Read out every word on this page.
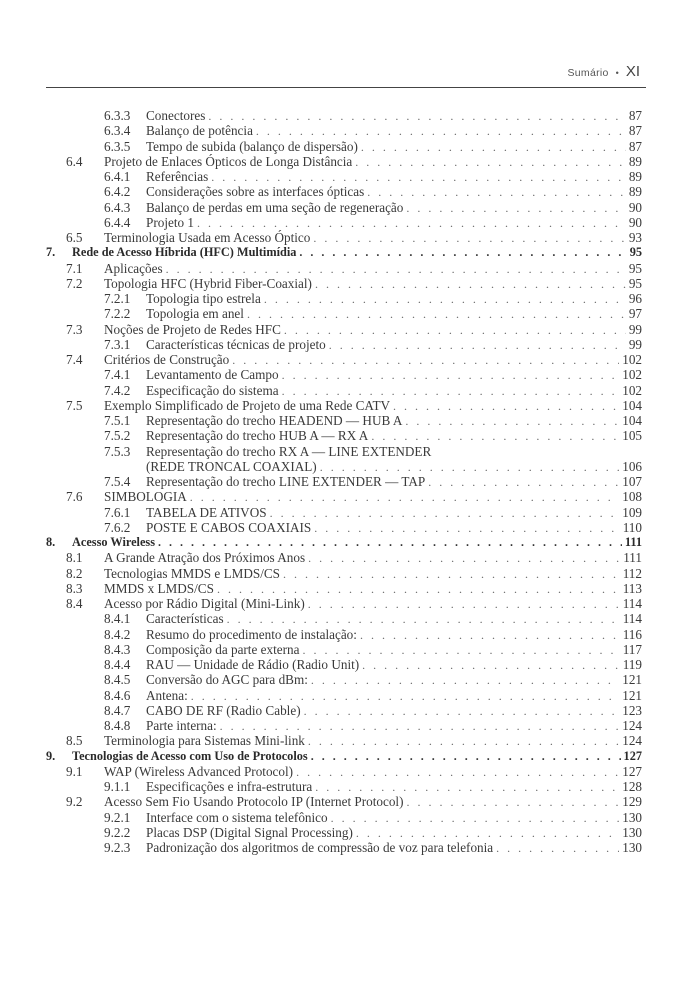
Sumário • XI
6.3.3 Conectores . . .	87
6.3.4 Balanço de potência . . .	87
6.3.5 Tempo de subida (balanço de dispersão) . . .	87
6.4 Projeto de Enlaces Ópticos de Longa Distância . . .	89
6.4.1 Referências . . .	89
6.4.2 Considerações sobre as interfaces ópticas . . .	89
6.4.3 Balanço de perdas em uma seção de regeneração . . .	90
6.4.4 Projeto 1 . . .	90
6.5 Terminologia Usada em Acesso Óptico . . .	93
7. Rede de Acesso Híbrida (HFC) Multimídia . . .	95
7.1 Aplicações . . .	95
7.2 Topologia HFC (Hybrid Fiber-Coaxial) . . .	95
7.2.1 Topologia tipo estrela . . .	96
7.2.2 Topologia em anel . . .	97
7.3 Noções de Projeto de Redes HFC . . .	99
7.3.1 Características técnicas de projeto . . .	99
7.4 Critérios de Construção . . .	102
7.4.1 Levantamento de Campo . . .	102
7.4.2 Especificação do sistema . . .	102
7.5 Exemplo Simplificado de Projeto de uma Rede CATV . . .	104
7.5.1 Representação do trecho HEADEND — HUB A . . .	104
7.5.2 Representação do trecho HUB A — RX A . . .	105
7.5.3 Representação do trecho RX A — LINE EXTENDER
(REDE TRONCAL COAXIAL) . . .	106
7.5.4 Representação do trecho LINE EXTENDER — TAP . . .	107
7.6 SIMBOLOGIA . . .	108
7.6.1 TABELA DE ATIVOS . . .	109
7.6.2 POSTE E CABOS COAXIAIS . . .	110
8. Acesso Wireless . . .	111
8.1 A Grande Atração dos Próximos Anos . . .	111
8.2 Tecnologias MMDS e LMDS/CS . . .	112
8.3 MMDS x LMDS/CS . . .	113
8.4 Acesso por Rádio Digital (Mini-Link) . . .	114
8.4.1 Características . . .	114
8.4.2 Resumo do procedimento de instalação: . . .	116
8.4.3 Composição da parte externa . . .	117
8.4.4 RAU — Unidade de Rádio (Radio Unit) . . .	119
8.4.5 Conversão do AGC para dBm: . . .	121
8.4.6 Antena: . . .	121
8.4.7 CABO DE RF (Radio Cable) . . .	123
8.4.8 Parte interna: . . .	124
8.5 Terminologia para Sistemas Mini-link . . .	124
9. Tecnologias de Acesso com Uso de Protocolos . . .	127
9.1 WAP (Wireless Advanced Protocol) . . .	127
9.1.1 Especificações e infra-estrutura . . .	128
9.2 Acesso Sem Fio Usando Protocolo IP (Internet Protocol) . . .	129
9.2.1 Interface com o sistema telefônico . . .	130
9.2.2 Placas DSP (Digital Signal Processing) . . .	130
9.2.3 Padronização dos algoritmos de compressão de voz para telefonia . . .	130
